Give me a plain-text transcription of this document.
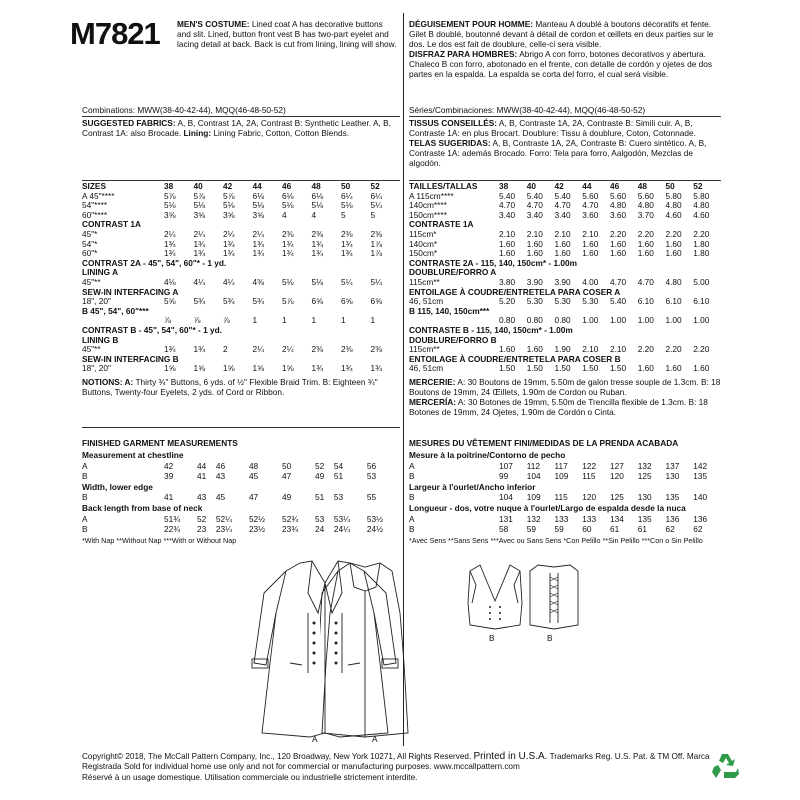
M7821 MEN'S COSTUME: Lined coat A has decorative buttons and slit. Lined, button front vest B has two-part eyelet and lacing detail at back. Back is cut from lining, lining will show.
DÉGUISEMENT POUR HOMME: Manteau A doublé à boutons décoratifs et fente. Gilet B doublé, boutonné devant à détail de cordon et œillets en deux parties sur le dos. Le dos est fait de doublure, celle-ci sera visible.
DISFRAZ PARA HOMBRES: Abrigo A con forro, botones decorativos y abertura. Chaleco B con forro, abotonado en el frente, con detalle de cordón y ojetes de dos partes en la espalda. La espalda se corta del forro, el cual será visible.
Combinations: MWW(38-40-42-44), MQQ(46-48-50-52)
SUGGESTED FABRICS: A, B, Contrast 1A, 2A, Contrast B: Synthetic Leather. A, B, Contrast 1A: also Brocade. Lining: Lining Fabric, Cotton, Cotton Blends.
Séries/Combinaciones: MWW(38-40-42-44), MQQ(46-48-50-52)
TISSUS CONSEILLÉS: A, B, Contraste 1A, 2A, Contraste B: Simili cuir. A, B, Contraste 1A: en plus Brocart. Doublure: Tissu à doublure, Coton, Cotonnade.
TELAS SUGERIDAS: A, B, Contraste 1A, 2A, Contraste B: Cuero sintético. A, B, Contraste 1A: además Brocado. Forro: Tela para forro, Aalgodón, Mezclas de algodón.
SIZES	38	40	42	44	46	48	50	52
A 45"****	5⅞	5⅞	5⅞	6⅛	6⅛	6⅛	6¼	6¼
54"****	5⅛	5⅛	5⅛	5⅛	5⅛	5⅛	5⅛	5¼
60"****	3⅝	3⅝	3⅝	3⅝	4	4	5	5
CONTRAST 1A								
45"*	2¼	2¼	2¼	2¼	2⅜	2⅜	2⅜	2⅜
54"*	1¾	1¾	1¾	1¾	1¾	1¾	1¾	1⅞
60"*	1¾	1¾	1¾	1¾	1¾	1¾	1¾	1⅞
CONTRAST 2A - 45", 54", 60"* - 1 yd.								
LINING A								
45"**	4⅛	4¼	4¼	4⅜	5⅛	5⅛	5¼	5¼
SEW-IN INTERFACING A								
18", 20"	5⅝	5¾	5¾	5¾	5⅞	6⅝	6⅝	6⅝
B 45", 54", 60"***								
	⅞	⅞	⅞	1	1	1	1	1
CONTRAST B - 45", 54", 60"* - 1 yd.								
LINING B								
45"**	1¾	1¾	2	2¼	2¼	2⅜	2⅜	2⅜
SEW-IN INTERFACING B								
18", 20"	1⅝	1⅝	1⅝	1⅝	1⅝	1¾	1¾	1¾
TAILLES/TALLAS	38	40	42	44	46	48	50	52
A 115cm****	5.40	5.40	5.40	5.60	5.60	5.60	5.80	5.80
140cm****	4.70	4.70	4.70	4.70	4.80	4.80	4.80	4.80
150cm****	3.40	3.40	3.40	3.60	3.60	3.70	4.60	4.60
CONTRASTE 1A								
115cm*	2.10	2.10	2.10	2.10	2.20	2.20	2.20	2.20
140cm*	1.60	1.60	1.60	1.60	1.60	1.60	1.60	1.80
150cm*	1.60	1.60	1.60	1.60	1.60	1.60	1.60	1.80
CONTRASTE 2A - 115, 140, 150cm* - 1.00m								
DOUBLURE/FORRO A								
115cm**	3.80	3.90	3.90	4.00	4.70	4.70	4.80	5.00
ENTOILAGE À COUDRE/ENTRETELA PARA COSER A								
46, 51cm	5.20	5.30	5.30	5.30	5.40	6.10	6.10	6.10
B 115, 140, 150cm***								
	0.80	0.80	0.80	1.00	1.00	1.00	1.00	1.00
CONTRASTE B - 115, 140, 150cm* - 1.00m								
DOUBLURE/FORRO B								
115cm**	1.60	1.60	1.90	2.10	2.10	2.20	2.20	2.20
ENTOILAGE À COUDRE/ENTRETELA PARA COSER B								
46, 51cm	1.50	1.50	1.50	1.50	1.50	1.60	1.60	1.60
NOTIONS: A: Thirty ¾" Buttons, 6 yds. of ½" Flexible Braid Trim. B: Eighteen ¾" Buttons, Twenty-four Eyelets, 2 yds. of Cord or Ribbon.
MERCERIE: A: 30 Boutons de 19mm, 5.50m de galon tresse souple de 1.3cm. B: 18 Boutons de 19mm, 24 Œillets, 1.90m de Cordon ou Ruban.
MERCERÍA: A: 30 Botones de 19mm, 5.50m de Trencilla flexible de 1.3cm. B: 18 Botones de 19mm, 24 Ojetes, 1.90m de Cordón o Cinta.
FINISHED GARMENT MEASUREMENTS
Measurement at chestline								
A	42	44	46	48	50	52	54	56
B	39	41	43	45	47	49	51	53
Width, lower edge								
B	41	43	45	47	49	51	53	55
Back length from base of neck								
A	51¾	52	52¼	52½	52¾	53	53¼	53½
B	22¾	23	23¼	23½	23¾	24	24¼	24½
*With Nap **Without Nap ***With or Without Nap
MESURES DU VÊTEMENT FINI/MEDIDAS DE LA PRENDA ACABADA
Mesure à la poitrine/Contorno de pecho								
A	107	112	117	122	127	132	137	142
B	99	104	109	115	120	125	130	135
Largeur à l'ourlet/Ancho inferior								
B	104	109	115	120	125	130	135	140
Longueur - dos, votre nuque à l'ourlet/Largo de espalda desde la nuca								
A	131	132	133	133	134	135	136	136
B	58	59	59	60	61	61	62	62
*Avec Sens **Sans Sens ***Avec ou Sans Sens *Con Pelillo **Sin Pelillo ***Con o Sin Pelillo
A	A
B	B
Copyright© 2018, The McCall Pattern Company, Inc., 120 Broadway, New York 10271, All Rights Reserved. Printed in U.S.A. Trademarks Reg. U.S. Pat. & TM Off. Marca
Registrada Sold for individual home use only and not for commercial or manufacturing purposes. www.mccallpattern.com
Réservé à un usage domestique. Utilisation commerciale ou industrielle strictement interdite.
